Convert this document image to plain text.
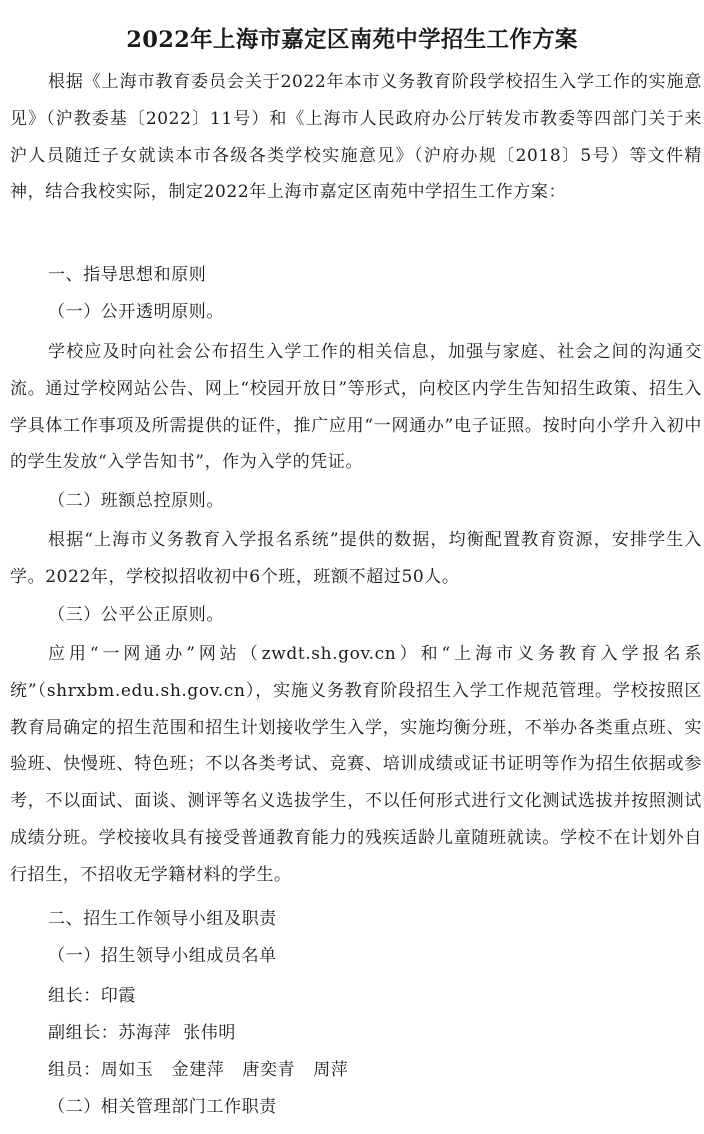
2022年上海市嘉定区南苑中学招生工作方案
根据《上海市教育委员会关于2022年本市义务教育阶段学校招生入学工作的实施意见》（沪教委基〔2022〕11号）和《上海市人民政府办公厅转发市教委等四部门关于来沪人员随迁子女就读本市各级各类学校实施意见》（沪府办规〔2018〕5号）等文件精神，结合我校实际，制定2022年上海市嘉定区南苑中学招生工作方案：
一、指导思想和原则
（一）公开透明原则。
学校应及时向社会公布招生入学工作的相关信息，加强与家庭、社会之间的沟通交流。通过学校网站公告、网上“校园开放日”等形式，向校区内学生告知招生政策、招生入学具体工作事项及所需提供的证件，推广应用“一网通办”电子证照。按时向小学升入初中的学生发放“入学告知书”，作为入学的凭证。
（二）班额总控原则。
根据“上海市义务教育入学报名系统”提供的数据，均衡配置教育资源，安排学生入学。2022年，学校拟招收初中6个班，班额不超过50人。
（三）公平公正原则。
应用“一网通办”网站（zwdt.sh.gov.cn）和“上海市义务教育入学报名系统”（shrxbm.edu.sh.gov.cn），实施义务教育阶段招生入学工作规范管理。学校按照区教育局确定的招生范围和招生计划接收学生入学，实施均衡分班，不举办各类重点班、实验班、快慢班、特色班；不以各类考试、竞赛、培训成绩或证书证明等作为招生依据或参考，不以面试、面谈、测评等名义选拔学生，不以任何形式进行文化测试选拔并按照测试成绩分班。学校接收具有接受普通教育能力的残疾适龄儿童随班就读。学校不在计划外自行招生，不招收无学籍材料的学生。
二、招生工作领导小组及职责
（一）招生领导小组成员名单
组长：印霞
副组长：苏海萍  张伟明
组员：周如玉   金建萍   唐奕青   周萍
（二）相关管理部门工作职责
